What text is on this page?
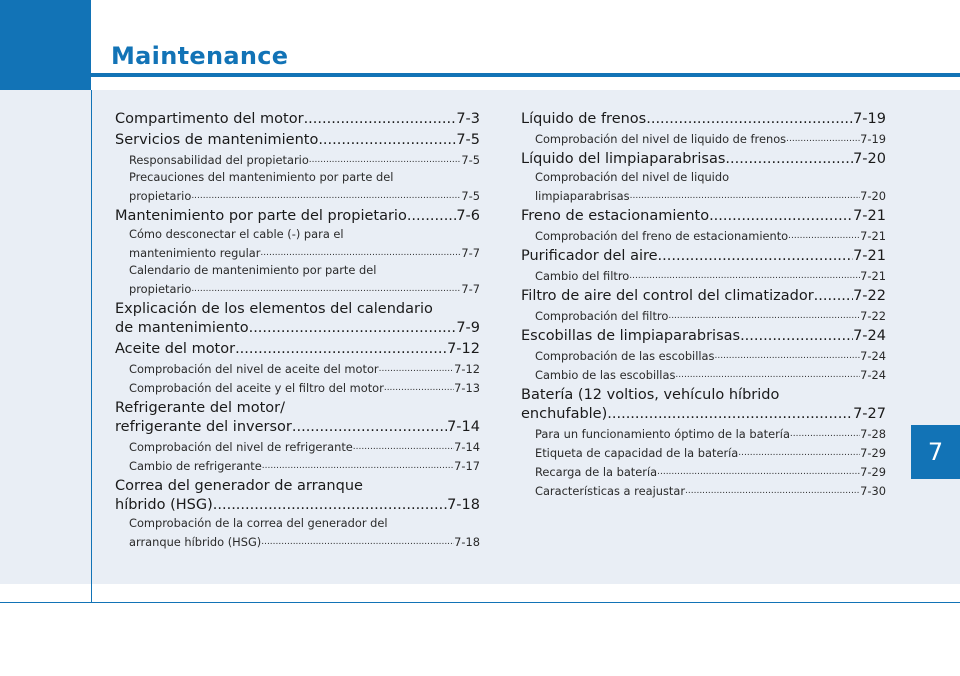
Maintenance
Compartimento del motor .....	7-3
Servicios de mantenimiento .....	7-5
Responsabilidad del propietario .....	7-5
Precauciones del mantenimiento por parte del
propietario .....	7-5
Mantenimiento por parte del propietario .....	7-6
Cómo desconectar el cable (-) para el
mantenimiento regular .....	7-7
Calendario de mantenimiento por parte del
propietario .....	7-7
Explicación de los elementos del calendario
de mantenimiento .....	7-9
Aceite del motor .....	7-12
Comprobación del nivel de aceite del motor .....	7-12
Comprobación del aceite y el filtro del motor .....	7-13
Refrigerante del motor/
refrigerante del inversor .....	7-14
Comprobación del nivel de refrigerante .....	7-14
Cambio de refrigerante .....	7-17
Correa del generador de arranque
híbrido (HSG) .....	7-18
Comprobación de la correa del generador del
arranque híbrido (HSG) .....	7-18
Líquido de frenos .....	7-19
Comprobación del nivel de liquido de frenos .....	7-19
Líquido del limpiaparabrisas .....	7-20
Comprobación del nivel de liquido
limpiaparabrisas .....	7-20
Freno de estacionamiento .....	7-21
Comprobación del freno de estacionamiento .....	7-21
Purificador del aire .....	7-21
Cambio del filtro .....	7-21
Filtro de aire del control del climatizador .....	7-22
Comprobación del filtro .....	7-22
Escobillas de limpiaparabrisas .....	7-24
Comprobación de las escobillas .....	7-24
Cambio de las escobillas .....	7-24
Batería (12 voltios, vehículo híbrido
enchufable) .....	7-27
Para un funcionamiento óptimo de la batería .....	7-28
Etiqueta de capacidad de la batería .....	7-29
Recarga de la batería .....	7-29
Características a reajustar .....	7-30
7
